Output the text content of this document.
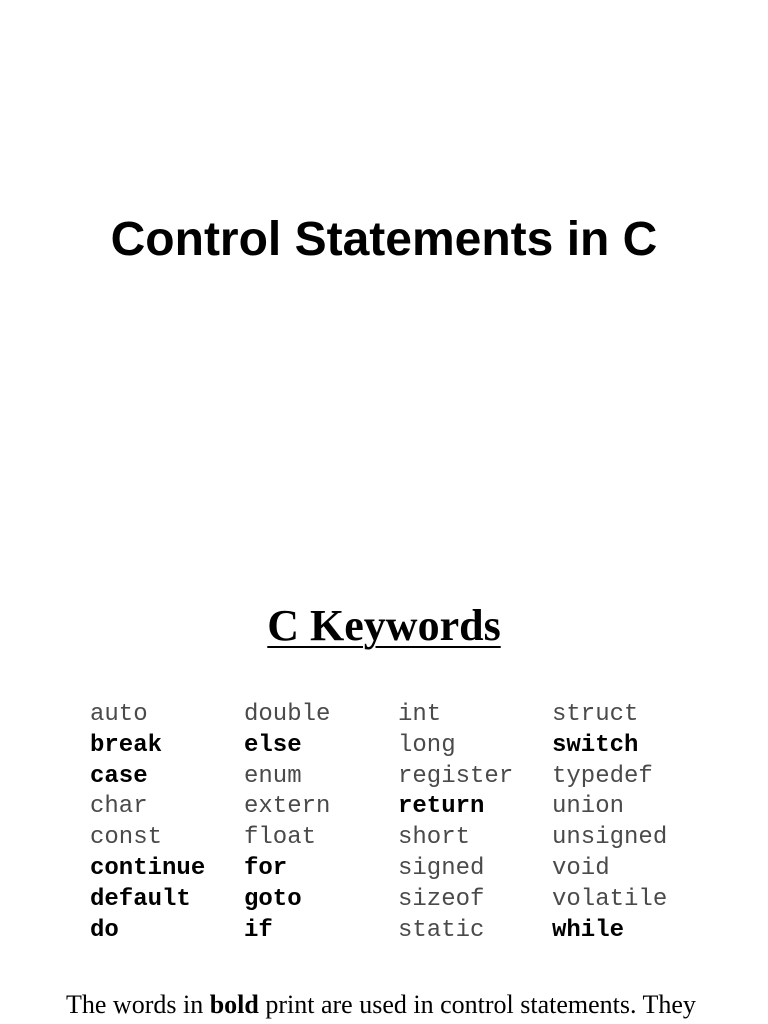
Control Statements in C
C Keywords
auto	double	int	struct
break	else	long	switch
case	enum	register	typedef
char	extern	return	union
const	float	short	unsigned
continue	for	signed	void
default	goto	sizeof	volatile
do	if	static	while

The words in bold print are used in control statements. They
